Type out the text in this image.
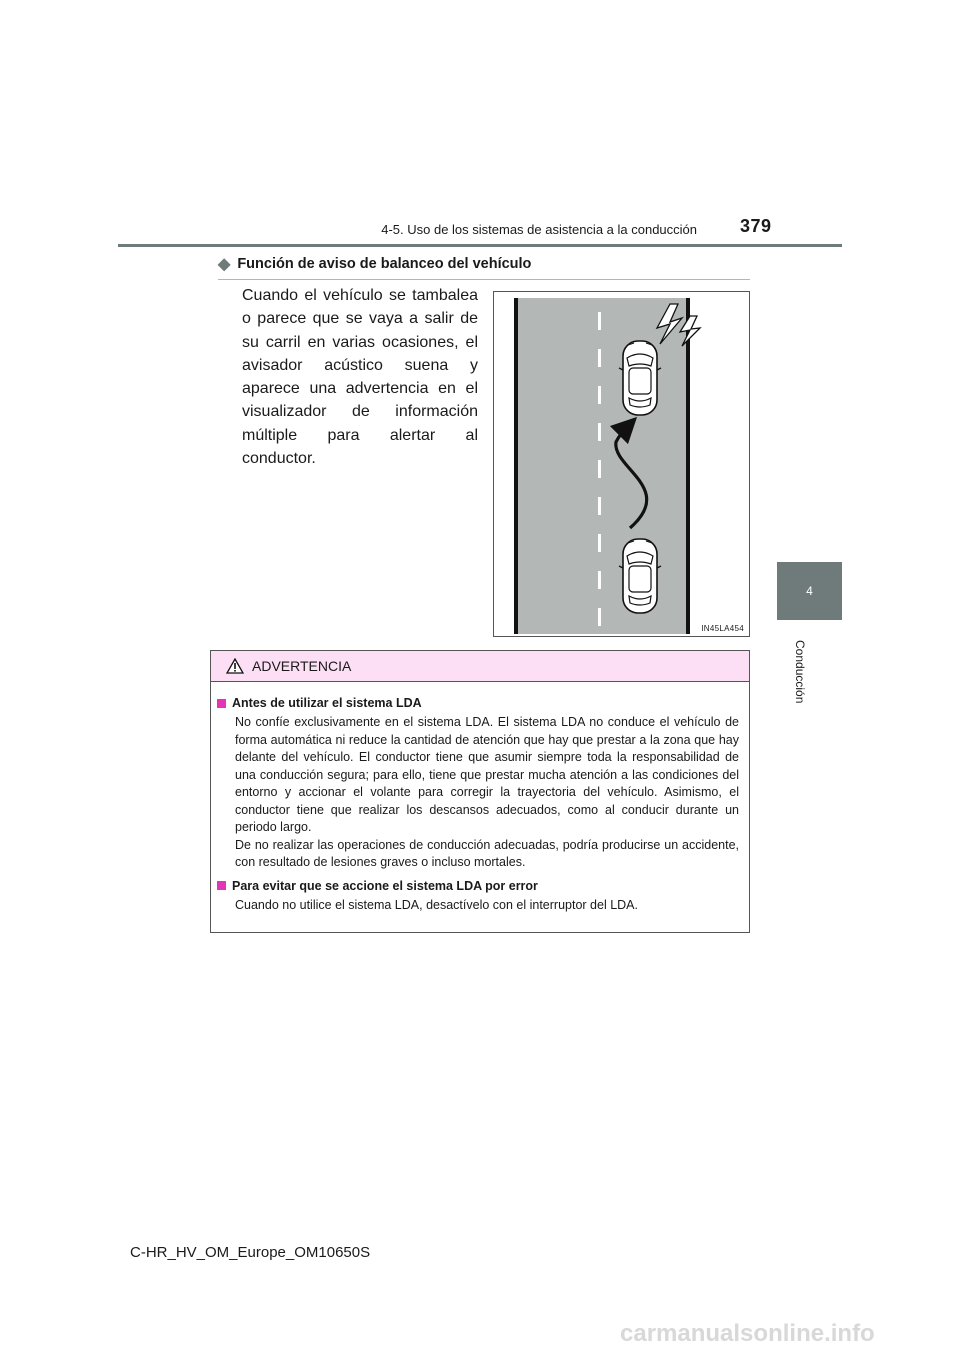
4-5. Uso de los sistemas de asistencia a la conducción 379
4
Conducción
◆ Función de aviso de balanceo del vehículo
Cuando el vehículo se tambalea o parece que se vaya a salir de su carril en varias ocasiones, el avisador acústico suena y aparece una advertencia en el visualizador de información múltiple para alertar al conductor.
IN45LA454
ADVERTENCIA
Antes de utilizar el sistema LDA
No confíe exclusivamente en el sistema LDA. El sistema LDA no conduce el vehículo de forma automática ni reduce la cantidad de atención que hay que prestar a la zona que hay delante del vehículo. El conductor tiene que asumir siempre toda la responsabilidad de una conducción segura; para ello, tiene que prestar mucha atención a las condiciones del entorno y accionar el volante para corregir la trayectoria del vehículo. Asimismo, el conductor tiene que realizar los descansos adecuados, como al conducir durante un periodo largo.
De no realizar las operaciones de conducción adecuadas, podría producirse un accidente, con resultado de lesiones graves o incluso mortales.
Para evitar que se accione el sistema LDA por error
Cuando no utilice el sistema LDA, desactívelo con el interruptor del LDA.
C-HR_HV_OM_Europe_OM10650S
carmanualsonline.info
